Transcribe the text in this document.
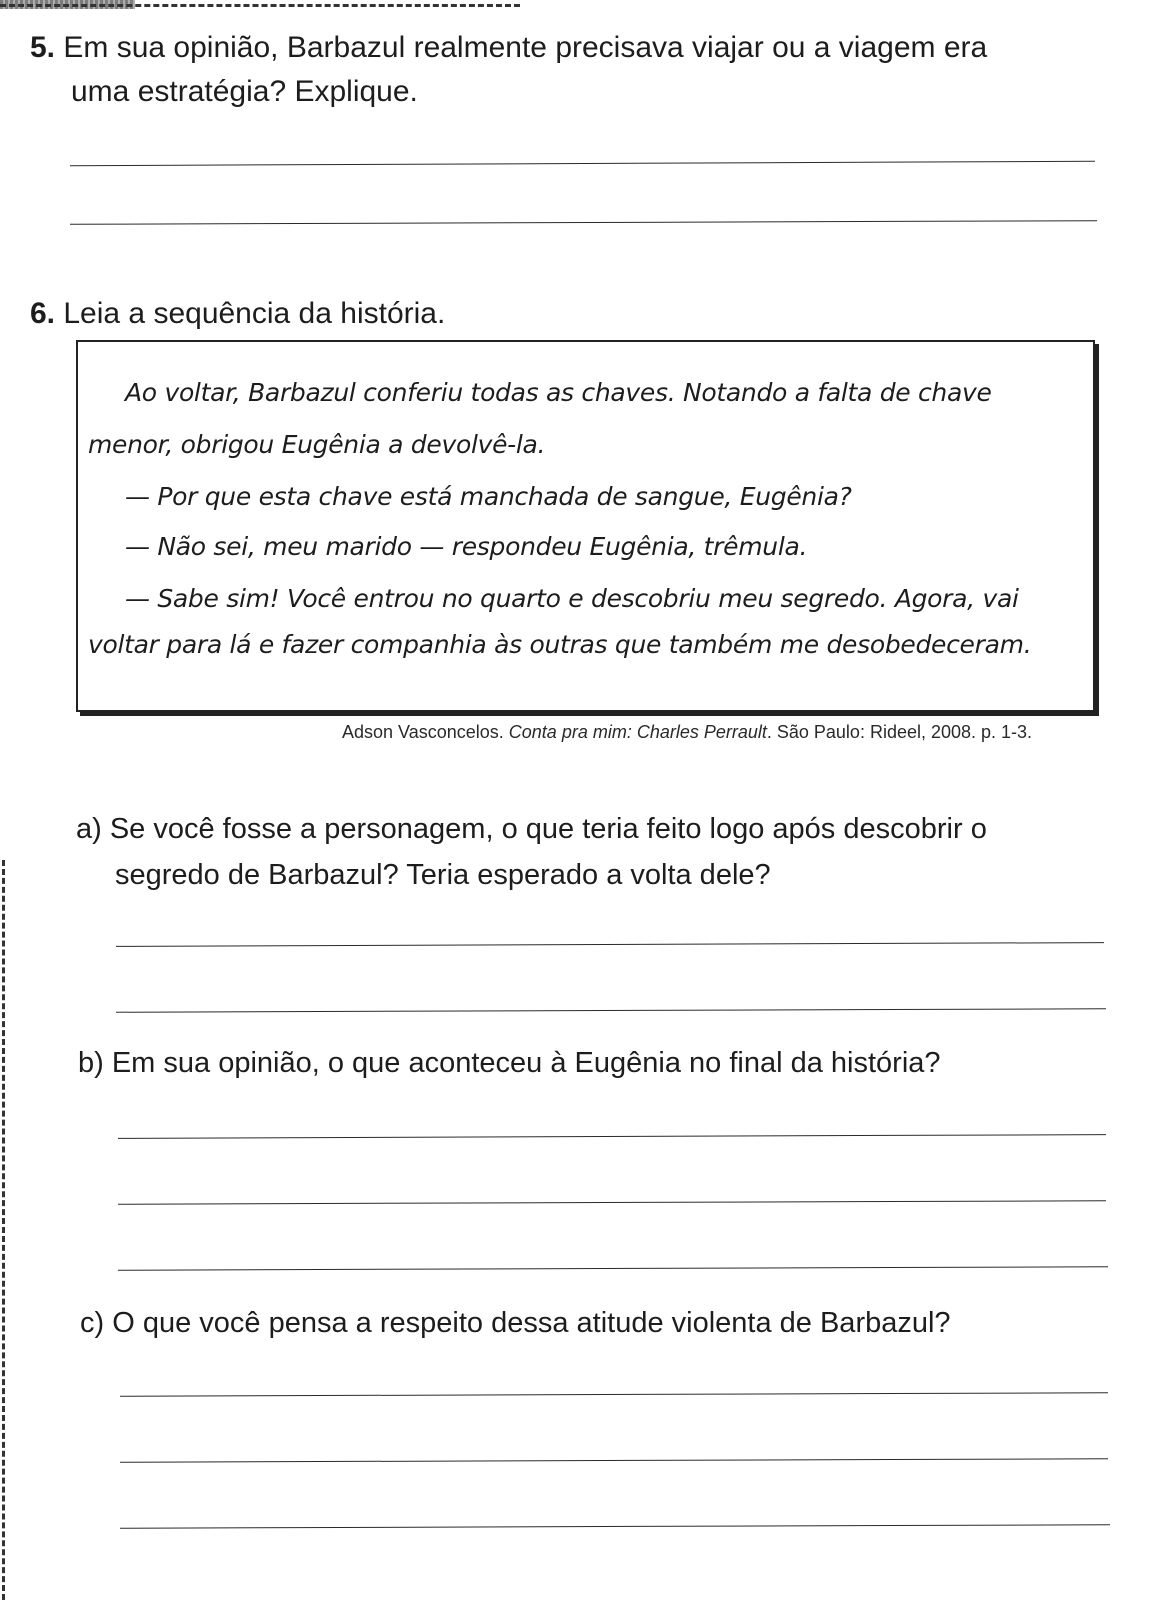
5. Em sua opinião, Barbazul realmente precisava viajar ou a viagem era
uma estratégia? Explique.
6. Leia a sequência da história.
Ao voltar, Barbazul conferiu todas as chaves. Notando a falta de chave
menor, obrigou Eugênia a devolvê-la.
— Por que esta chave está manchada de sangue, Eugênia?
— Não sei, meu marido — respondeu Eugênia, trêmula.
— Sabe sim! Você entrou no quarto e descobriu meu segredo. Agora, vai
voltar para lá e fazer companhia às outras que também me desobedeceram.
Adson Vasconcelos. Conta pra mim: Charles Perrault. São Paulo: Rideel, 2008. p. 1-3.
a) Se você fosse a personagem, o que teria feito logo após descobrir o
segredo de Barbazul? Teria esperado a volta dele?
b) Em sua opinião, o que aconteceu à Eugênia no final da história?
c) O que você pensa a respeito dessa atitude violenta de Barbazul?
